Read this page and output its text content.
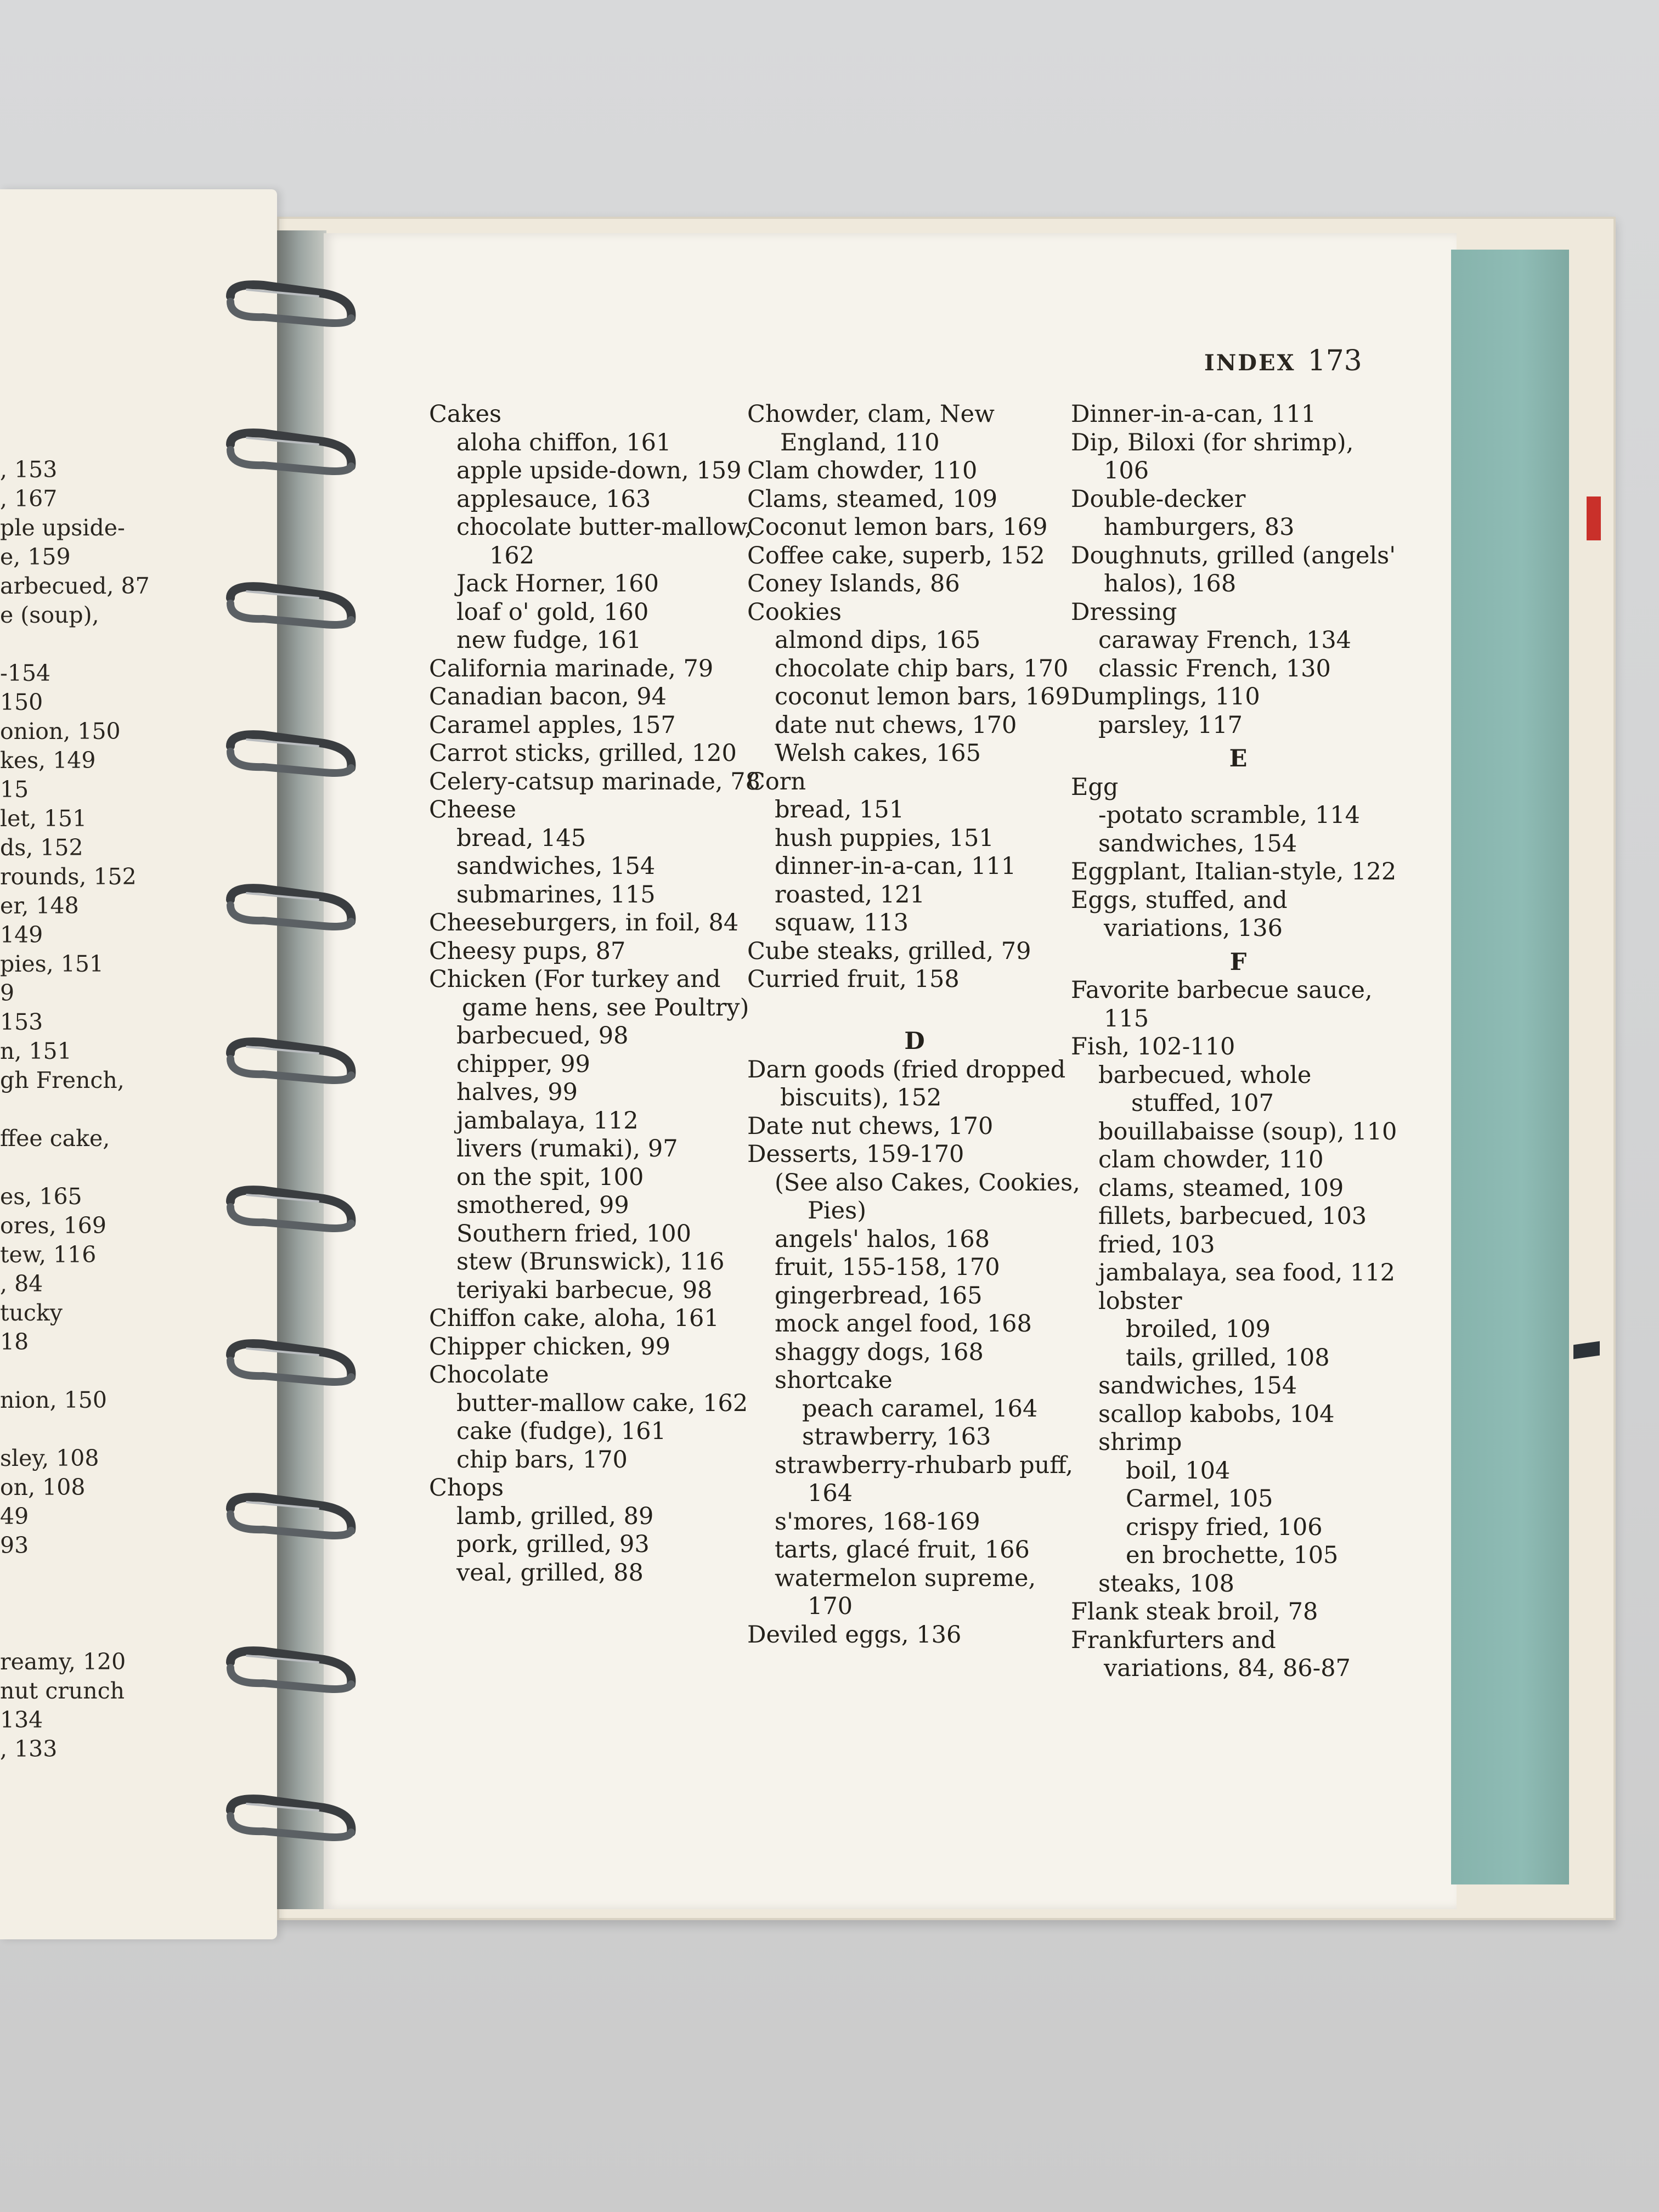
, 153
, 167
ple upside-
e, 159
arbecued, 87
e (soup),
-154
150
onion, 150
kes, 149
15
let, 151
ds, 152
rounds, 152
er, 148
149
pies, 151
9
153
n, 151
gh French,
ffee cake,
es, 165
ores, 169
tew, 116
, 84
tucky
18
nion, 150
sley, 108
on, 108
49
93
reamy, 120
nut crunch
134
, 133
INDEX 173
Cakes
aloha chiffon, 161
apple upside-down, 159
applesauce, 163
chocolate butter-mallow, 162
Jack Horner, 160
loaf o' gold, 160
new fudge, 161
California marinade, 79
Canadian bacon, 94
Caramel apples, 157
Carrot sticks, grilled, 120
Celery-catsup marinade, 78
Cheese
bread, 145
sandwiches, 154
submarines, 115
Cheeseburgers, in foil, 84
Cheesy pups, 87
Chicken (For turkey and game hens, see Poultry)
barbecued, 98
chipper, 99
halves, 99
jambalaya, 112
livers (rumaki), 97
on the spit, 100
smothered, 99
Southern fried, 100
stew (Brunswick), 116
teriyaki barbecue, 98
Chiffon cake, aloha, 161
Chipper chicken, 99
Chocolate
butter-mallow cake, 162
cake (fudge), 161
chip bars, 170
Chops
lamb, grilled, 89
pork, grilled, 93
veal, grilled, 88
Chowder, clam, New England, 110
Clam chowder, 110
Clams, steamed, 109
Coconut lemon bars, 169
Coffee cake, superb, 152
Coney Islands, 86
Cookies
almond dips, 165
chocolate chip bars, 170
coconut lemon bars, 169
date nut chews, 170
Welsh cakes, 165
Corn
bread, 151
hush puppies, 151
dinner-in-a-can, 111
roasted, 121
squaw, 113
Cube steaks, grilled, 79
Curried fruit, 158
D
Darn goods (fried dropped biscuits), 152
Date nut chews, 170
Desserts, 159-170
(See also Cakes, Cookies, Pies)
angels' halos, 168
fruit, 155-158, 170
gingerbread, 165
mock angel food, 168
shaggy dogs, 168
shortcake
peach caramel, 164
strawberry, 163
strawberry-rhubarb puff, 164
s'mores, 168-169
tarts, glacé fruit, 166
watermelon supreme, 170
Deviled eggs, 136
Dinner-in-a-can, 111
Dip, Biloxi (for shrimp), 106
Double-decker hamburgers, 83
Doughnuts, grilled (angels' halos), 168
Dressing
caraway French, 134
classic French, 130
Dumplings, 110
parsley, 117
E
Egg
-potato scramble, 114
sandwiches, 154
Eggplant, Italian-style, 122
Eggs, stuffed, and variations, 136
F
Favorite barbecue sauce, 115
Fish, 102-110
barbecued, whole stuffed, 107
bouillabaisse (soup), 110
clam chowder, 110
clams, steamed, 109
fillets, barbecued, 103
fried, 103
jambalaya, sea food, 112
lobster
broiled, 109
tails, grilled, 108
sandwiches, 154
scallop kabobs, 104
shrimp
boil, 104
Carmel, 105
crispy fried, 106
en brochette, 105
steaks, 108
Flank steak broil, 78
Frankfurters and variations, 84, 86-87
